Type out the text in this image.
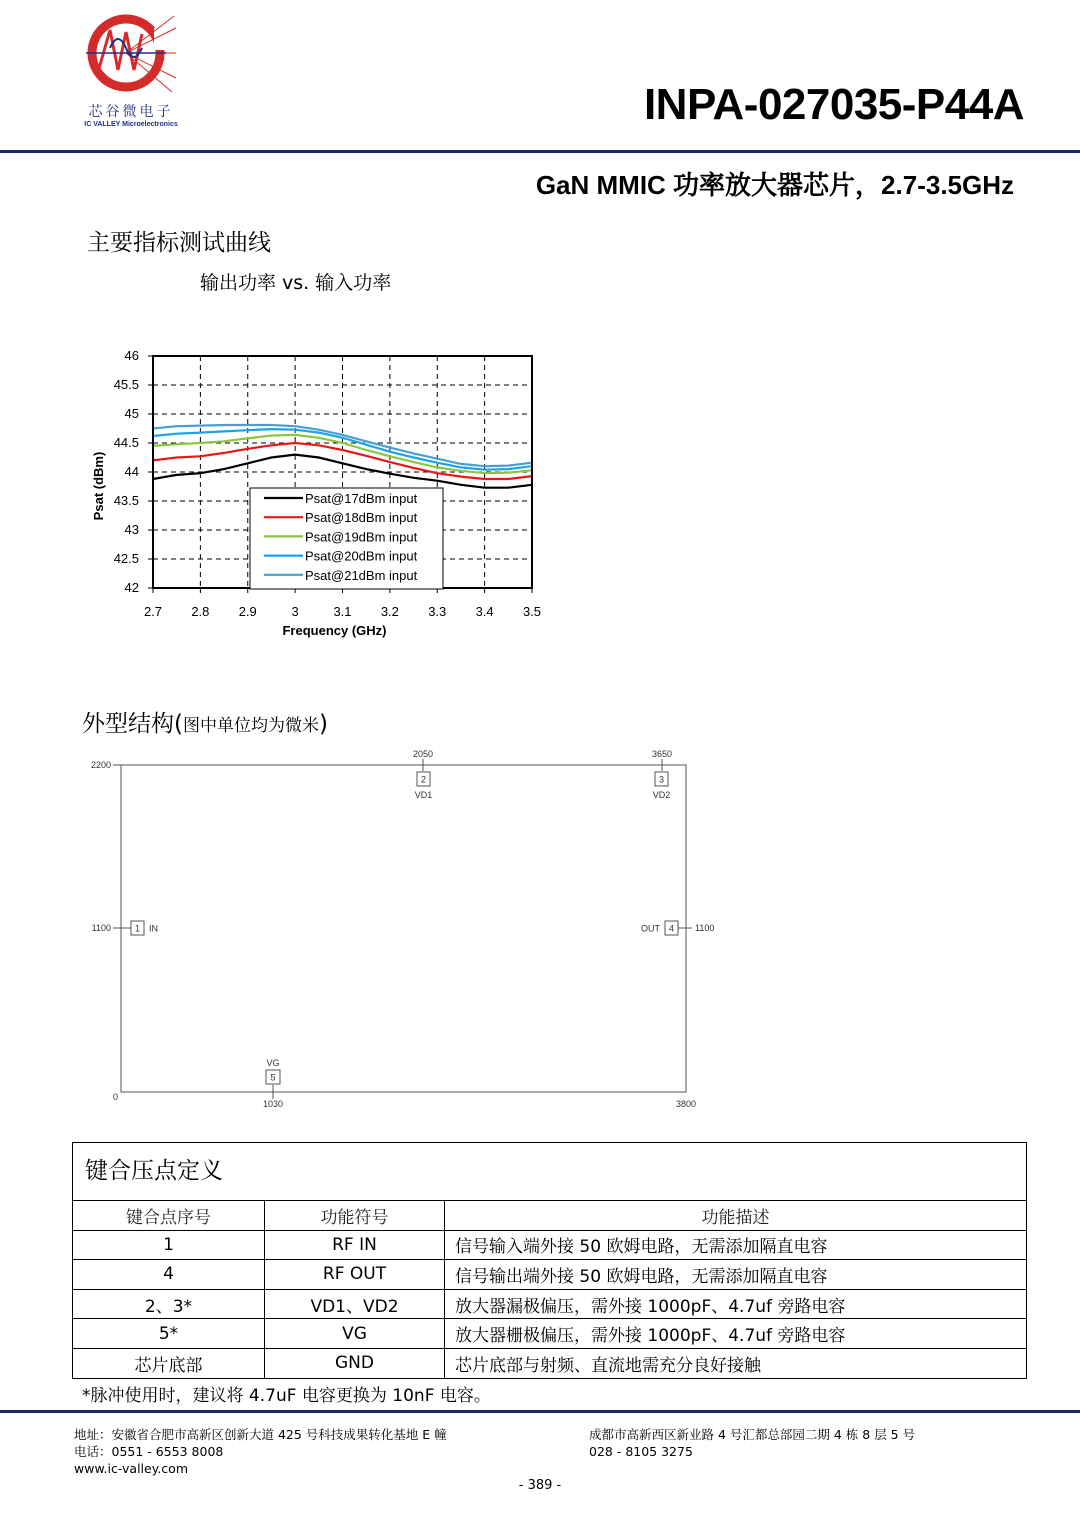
芯谷微电子
IC VALLEY Microelectronics	INPA-027035-P44A
GaN MMIC 功率放大器芯片，2.7-3.5GHz
主要指标测试曲线
输出功率 vs. 输入功率
42
42.5
43
43.5
44
44.5
45
45.5
46
2.7 2.8 2.9	3	3.1 3.2 3.3 3.4 3.5
Frequency (GHz)
Psat (dBm)	Psat@17dBm input
Psat@18dBm input
Psat@19dBm input
Psat@20dBm input
Psat@21dBm input
外型结构(图中单位均为微米)
2200
2050	3650
1100	1100
0
1030	3800
1 IN
2
VD1
3
VD2
4
OUT
5
VG
键合压点定义
键合点序号	功能符号	功能描述
1	RF IN	信号输入端外接 50 欧姆电路，无需添加隔直电容
4	RF OUT	信号输出端外接 50 欧姆电路，无需添加隔直电容
2、3*	VD1、VD2	放大器漏极偏压，需外接 1000pF、4.7uf 旁路电容
5*	VG	放大器栅极偏压，需外接 1000pF、4.7uf 旁路电容
芯片底部	GND	芯片底部与射频、直流地需充分良好接触
*脉冲使用时，建议将 4.7uF 电容更换为 10nF 电容。
地址：安徽省合肥市高新区创新大道 425 号科技成果转化基地 E 幢
电话：0551 - 6553 8008
www.ic-valley.com
成都市高新西区新业路 4 号汇都总部园二期 4 栋 8 层 5 号
028 - 8105 3275
- 389 -
